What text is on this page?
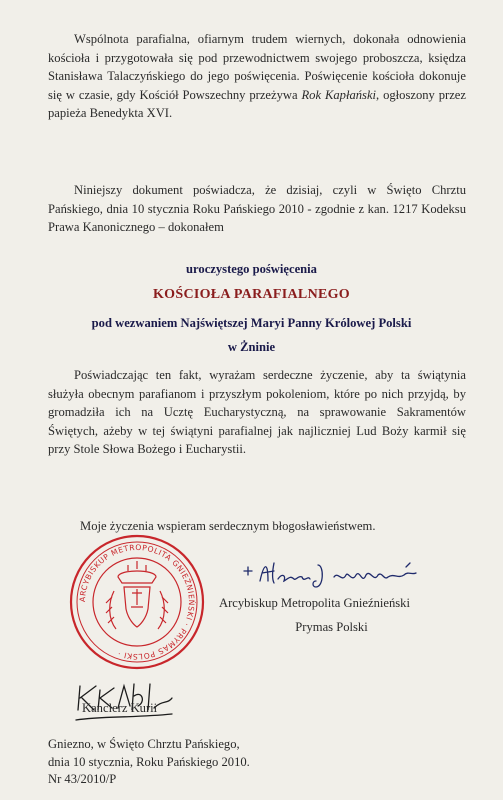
Wspólnota parafialna, ofiarnym trudem wiernych, dokonała odnowienia kościoła i przygotowała się pod przewodnictwem swojego proboszcza, księdza Stanisława Talaczyńskiego do jego poświęcenia. Poświęcenie kościoła dokonuje się w czasie, gdy Kościół Powszechny przeżywa Rok Kapłański, ogłoszony przez papieża Benedykta XVI.

Niniejszy dokument poświadcza, że dzisiaj, czyli w Święto Chrztu Pańskiego, dnia 10 stycznia Roku Pańskiego 2010 - zgodnie z kan. 1217 Kodeksu Prawa Kanonicznego – dokonałem

uroczystego poświęcenia
KOŚCIOŁA PARAFIALNEGO
pod wezwaniem Najświętszej Maryi Panny Królowej Polski
w Żninie

Poświadczając ten fakt, wyrażam serdeczne życzenie, aby ta świątynia służyła obecnym parafianom i przyszłym pokoleniom, które po nich przyjdą, by gromadziła ich na Ucztę Eucharystyczną, na sprawowanie Sakramentów Świętych, ażeby w tej świątyni parafialnej jak najliczniej Lud Boży karmił się przy Stole Słowa Bożego i Eucharystii.

Moje życzenia wspieram serdecznym błogosławieństwem.

Arcybiskup Metropolita Gnieźnieński
Prymas Polski
ARCYBISKUP METROPOLITA GNIEŹNIEŃSKI · PRYMAS POLSKI ·
Kanclerz Kurii
Gniezno, w Święto Chrztu Pańskiego,
dnia 10 stycznia, Roku Pańskiego 2010.
Nr 43/2010/P
